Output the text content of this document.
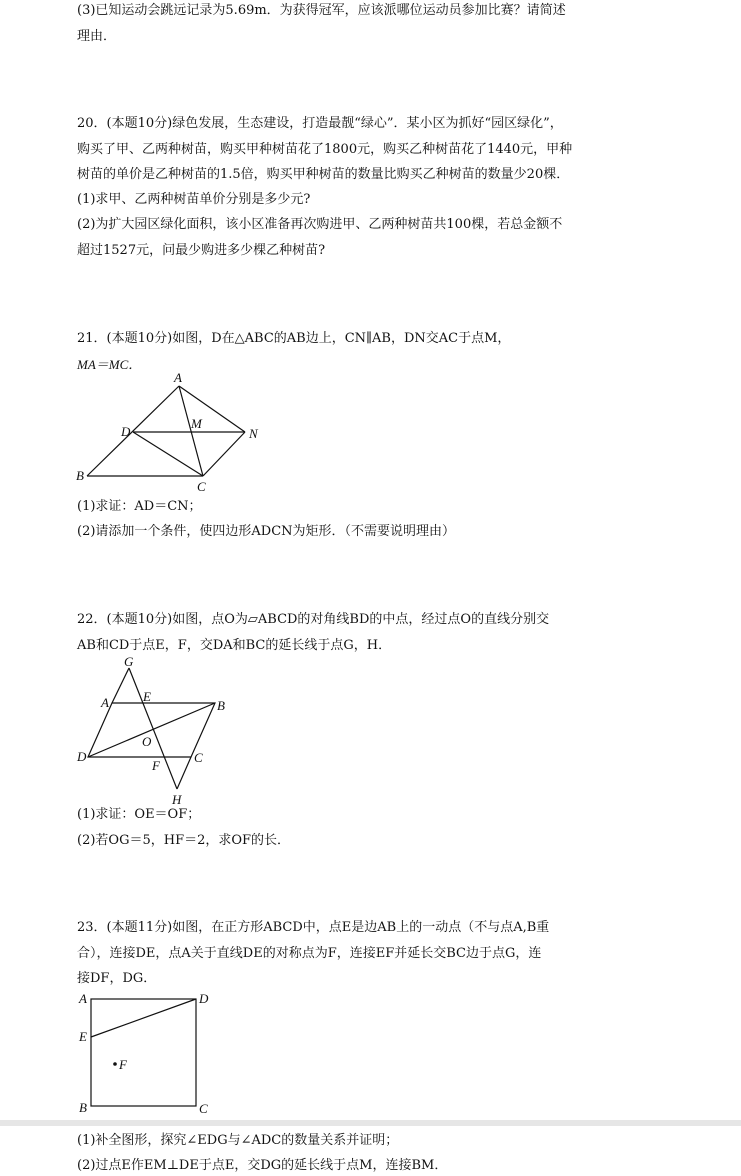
(3)已知运动会跳远记录为5.69m．为获得冠军，应该派哪位运动员参加比赛？请简述
理由．
20．(本题10分)绿色发展，生态建设，打造最靓“绿心”．某小区为抓好“园区绿化”，
购买了甲、乙两种树苗，购买甲种树苗花了1800元，购买乙种树苗花了1440元，甲种
树苗的单价是乙种树苗的1.5倍，购买甲种树苗的数量比购买乙种树苗的数量少20棵．
(1)求甲、乙两种树苗单价分别是多少元?
(2)为扩大园区绿化面积，该小区准备再次购进甲、乙两种树苗共100棵，若总金额不
超过1527元，问最少购进多少棵乙种树苗?
21．(本题10分)如图，D在△ABC的AB边上，CN∥AB，DN交AC于点M，
MA＝MC．
A
B
C
D
M
N
(1)求证：AD＝CN；
(2)请添加一个条件，使四边形ADCN为矩形．（不需要说明理由）
22．(本题10分)如图，点O为▱ABCD的对角线BD的中点，经过点O的直线分别交
AB和CD于点E，F，交DA和BC的延长线于点G，H．
G
A	E
B
O
D	C
F
H
(1)求证：OE＝OF；
(2)若OG＝5，HF＝2，求OF的长．
23．(本题11分)如图，在正方形ABCD中，点E是边AB上的一动点（不与点A,B重
合），连接DE，点A关于直线DE的对称点为F，连接EF并延长交BC边于点G，连
接DF，DG．
A	D
E
F
B	C
(1)补全图形，探究∠EDG与∠ADC的数量关系并证明；
(2)过点E作EM⊥DE于点E，交DG的延长线于点M，连接BM．
